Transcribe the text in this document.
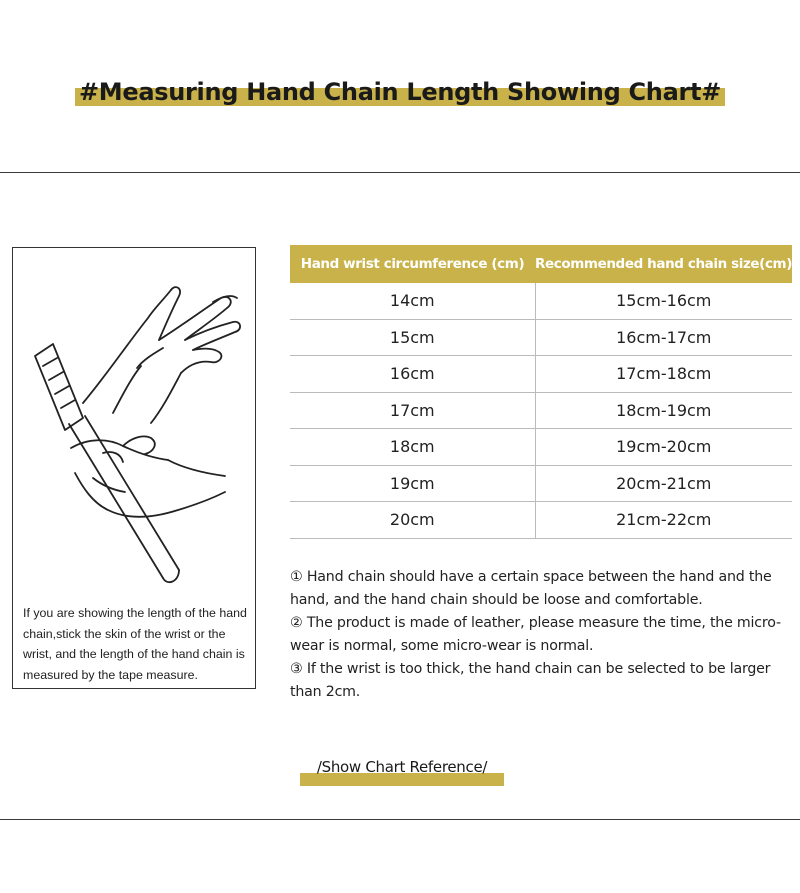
#Measuring Hand Chain Length Showing Chart#
If you are showing the length of the hand chain,stick the skin of the wrist or the wrist, and the length of the hand chain is measured by the tape measure.
Hand wrist circumference (cm)	Recommended hand chain size(cm)
14cm	15cm-16cm
15cm	16cm-17cm
16cm	17cm-18cm
17cm	18cm-19cm
18cm	19cm-20cm
19cm	20cm-21cm
20cm	21cm-22cm

① Hand chain should have a certain space between the hand and the hand, and the hand chain should be loose and comfortable.

② The product is made of leather, please measure the time, the micro-wear is normal, some micro-wear is normal.

③ If the wrist is too thick, the hand chain can be selected to be larger than 2cm.

/Show Chart Reference/
